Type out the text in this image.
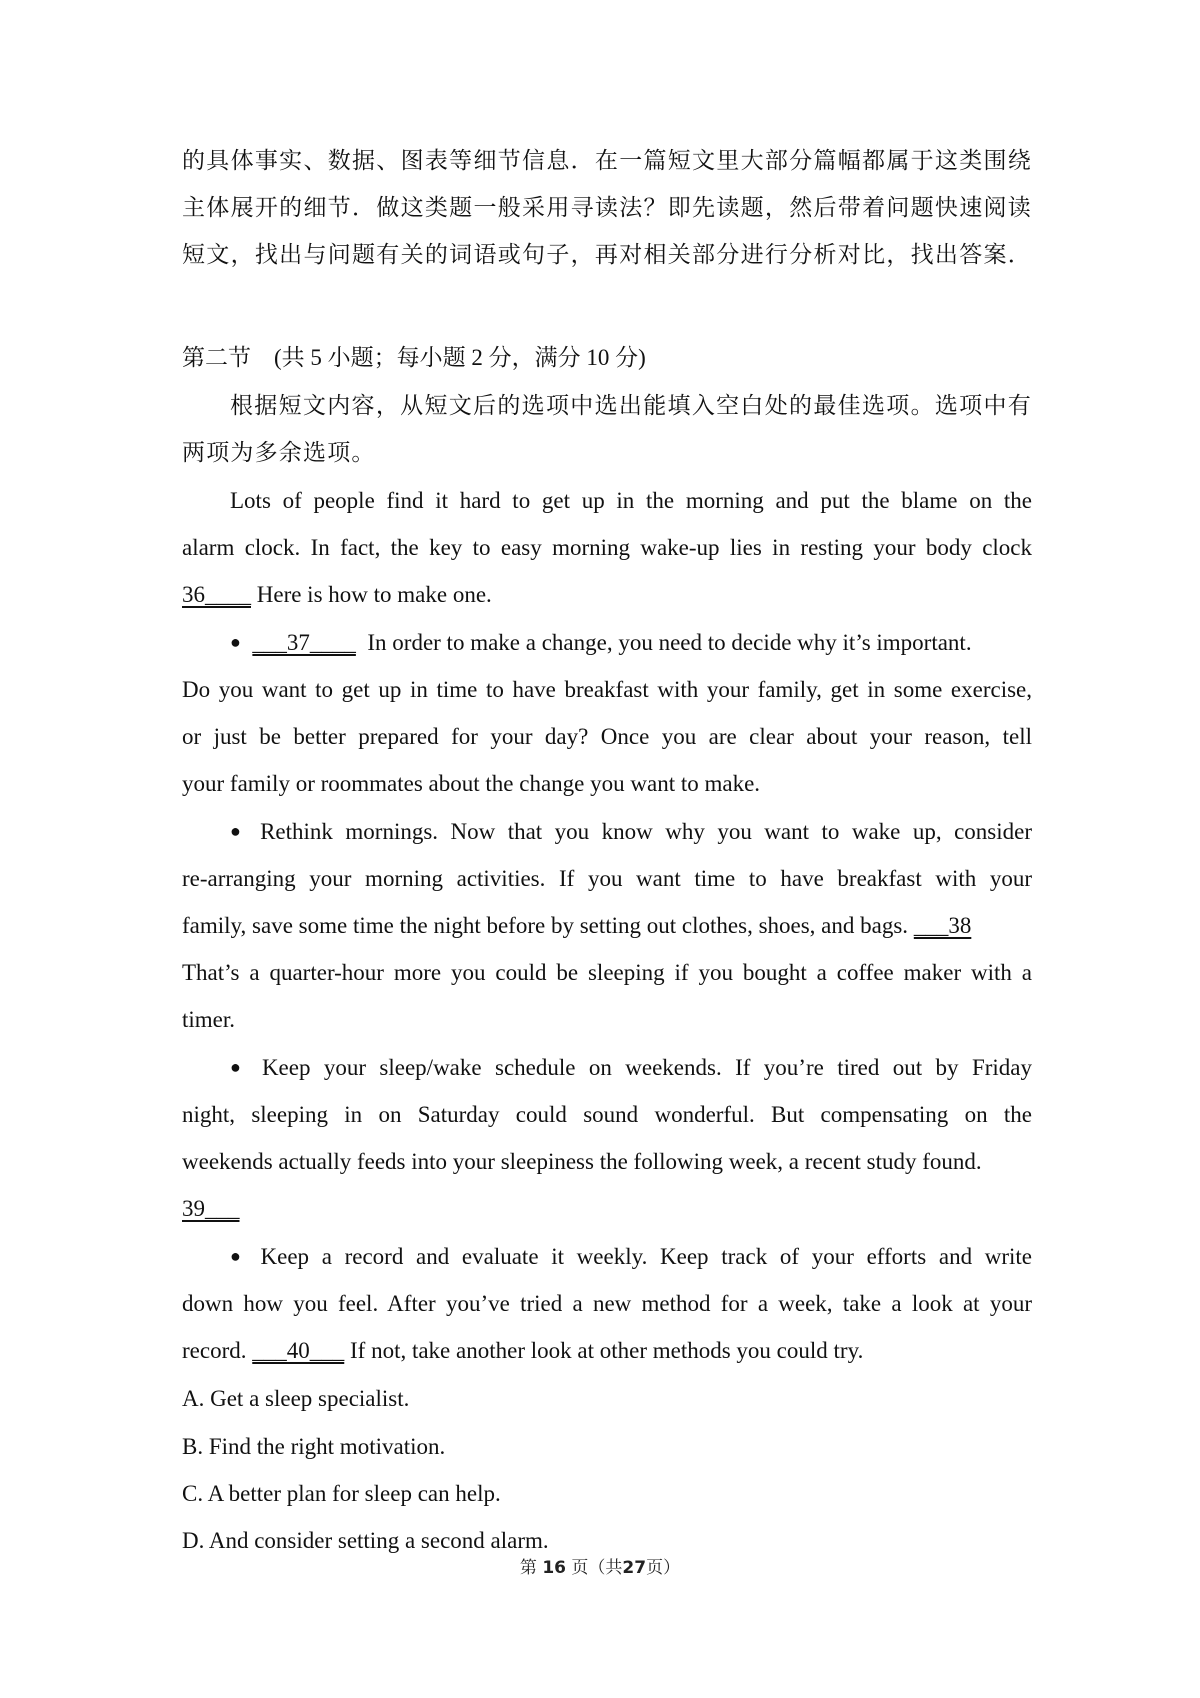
的具体事实、数据、图表等细节信息．在一篇短文里大部分篇幅都属于这类围绕
主体展开的细节．做这类题一般采用寻读法？即先读题，然后带着问题快速阅读
短文，找出与问题有关的词语或句子，再对相关部分进行分析对比，找出答案．
第二节　(共 5 小题；每小题 2 分，满分 10 分)
根据短文内容，从短文后的选项中选出能填入空白处的最佳选项。选项中有
两项为多余选项。
Lots of people find it hard to get up in the morning and put the blame on the
alarm clock. In fact, the key to easy morning wake-up lies in resting your body clock
36____ Here is how to make one.
● ___37____ In order to make a change, you need to decide why it’s important.
Do you want to get up in time to have breakfast with your family, get in some exercise,
or just be better prepared for your day? Once you are clear about your reason, tell
your family or roommates about the change you want to make.
● Rethink mornings. Now that you know why you want to wake up, consider
re-arranging your morning activities. If you want time to have breakfast with your
family, save some time the night before by setting out clothes, shoes, and bags. ___38
That’s a quarter-hour more you could be sleeping if you bought a coffee maker with a
timer.
● Keep your sleep/wake schedule on weekends. If you’re tired out by Friday
night, sleeping in on Saturday could sound wonderful. But compensating on the
weekends actually feeds into your sleepiness the following week, a recent study found.
39___
● Keep a record and evaluate it weekly. Keep track of your efforts and write
down how you feel. After you’ve tried a new method for a week, take a look at your
record. ___40___ If not, take another look at other methods you could try.
A. Get a sleep specialist.
B. Find the right motivation.
C. A better plan for sleep can help.
D. And consider setting a second alarm.
第 16 页（共27页）
